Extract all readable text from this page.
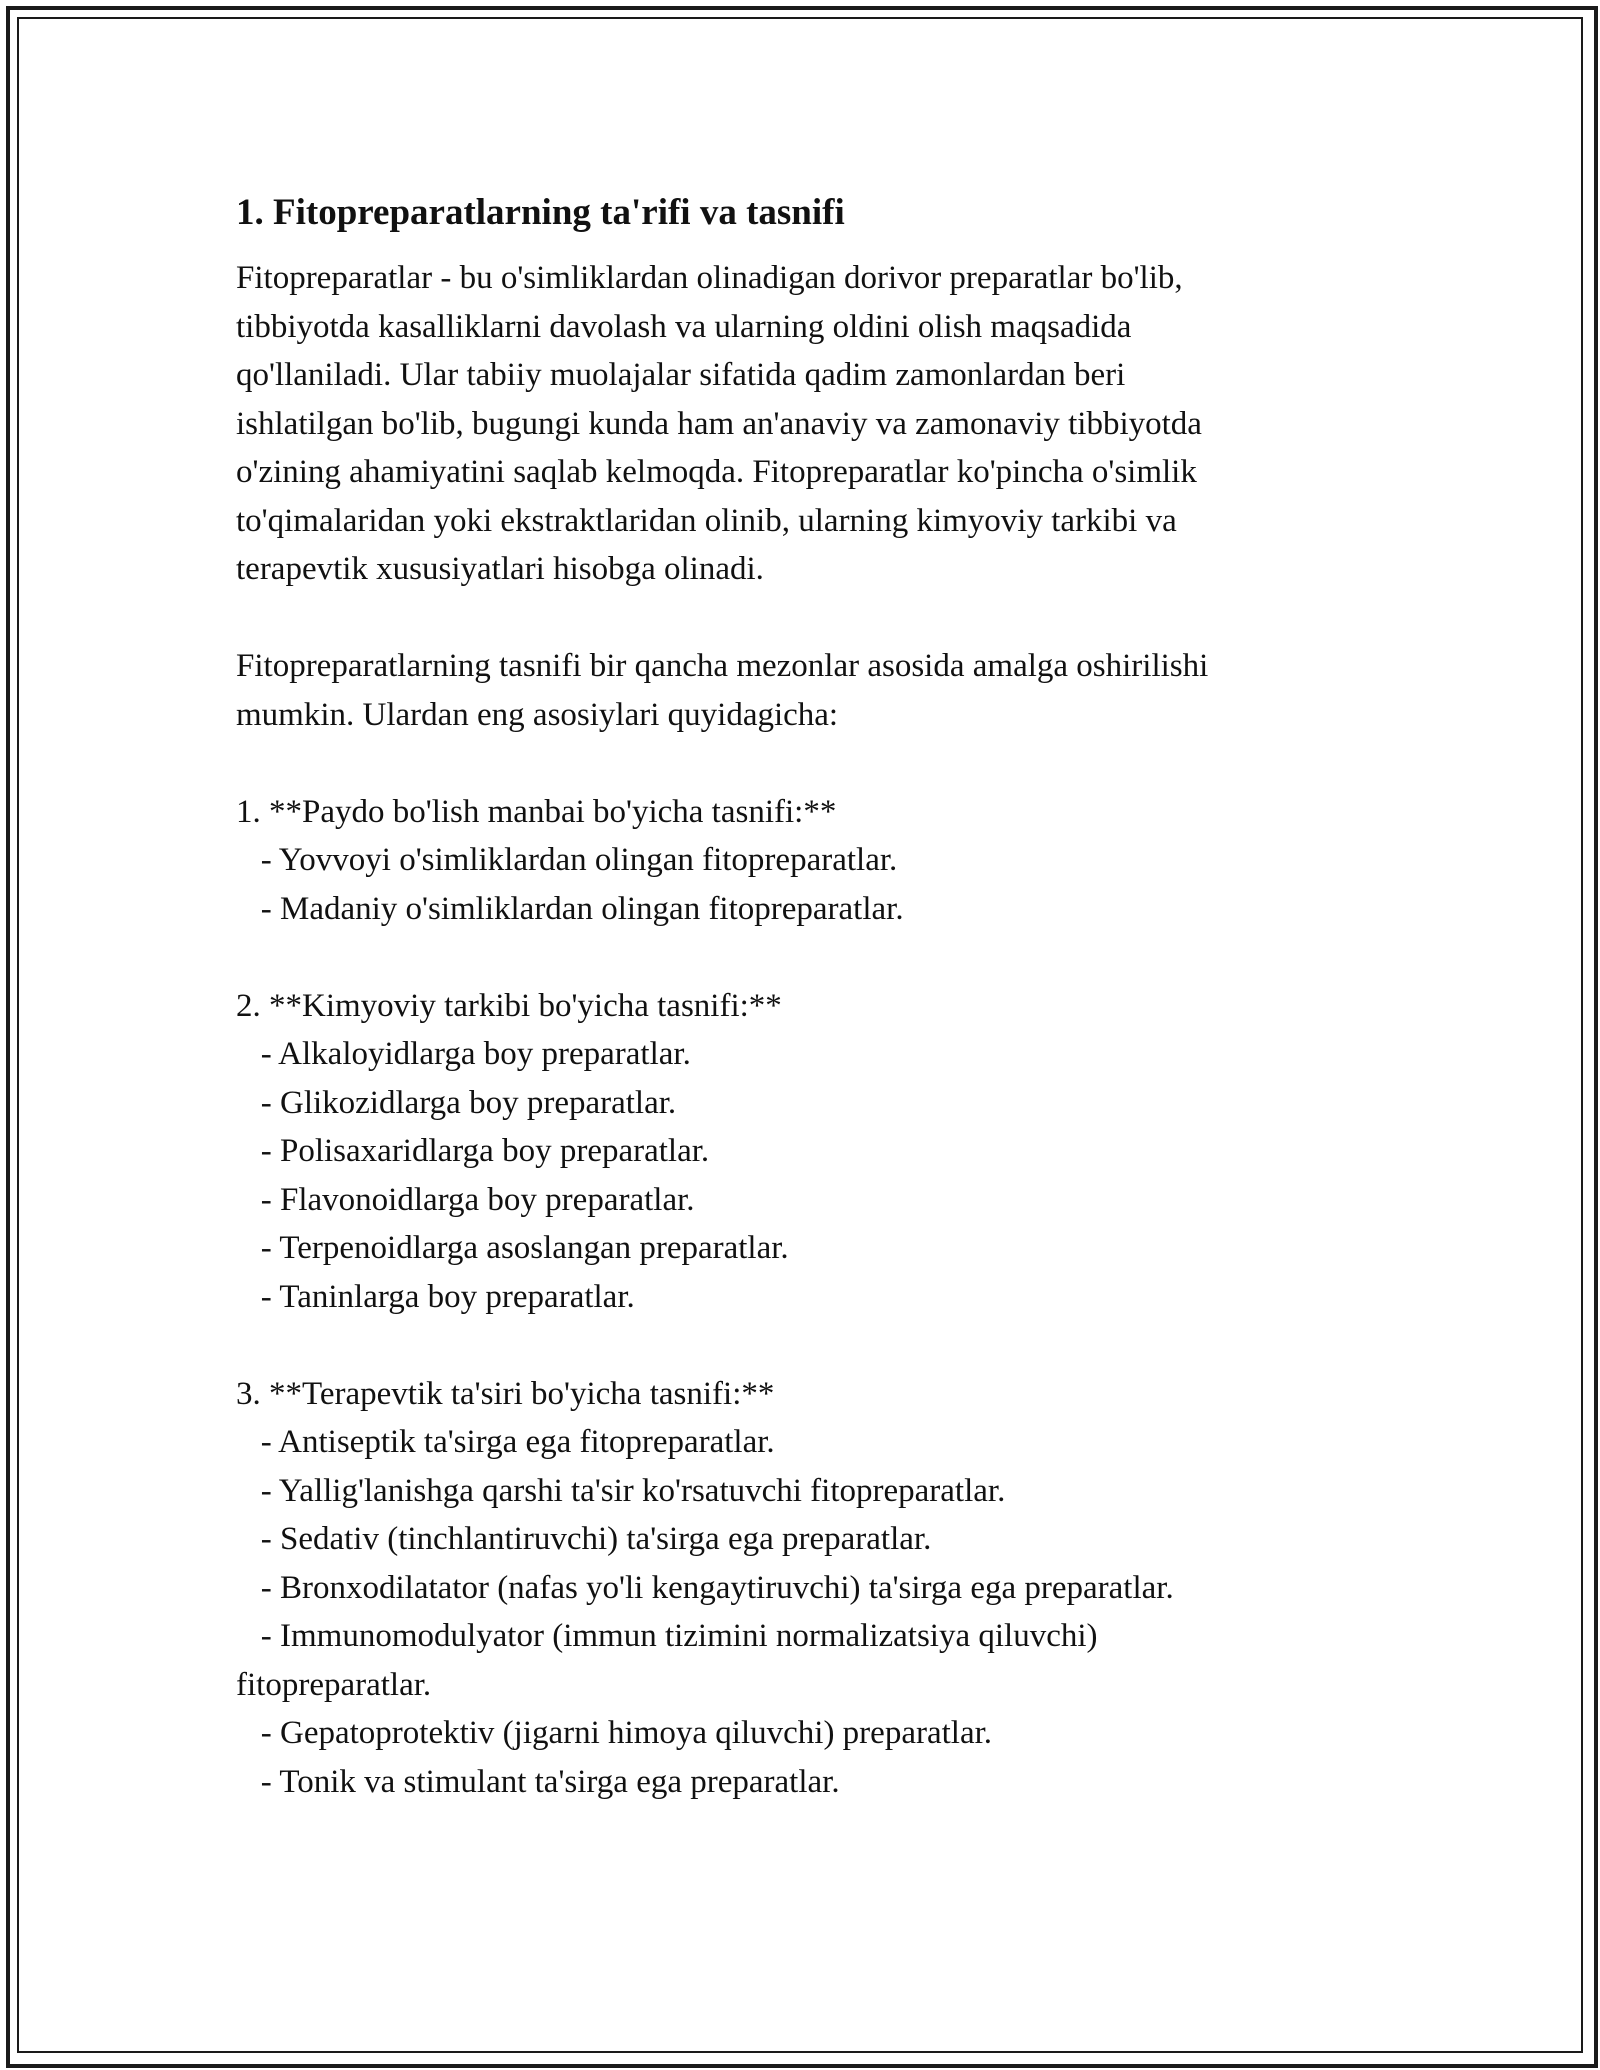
1. Fitopreparatlarning ta'rifi va tasnifi
Fitopreparatlar - bu o'simliklardan olinadigan dorivor preparatlar bo'lib,
tibbiyotda kasalliklarni davolash va ularning oldini olish maqsadida
qo'llaniladi. Ular tabiiy muolajalar sifatida qadim zamonlardan beri
ishlatilgan bo'lib, bugungi kunda ham an'anaviy va zamonaviy tibbiyotda
o'zining ahamiyatini saqlab kelmoqda. Fitopreparatlar ko'pincha o'simlik
to'qimalaridan yoki ekstraktlaridan olinib, ularning kimyoviy tarkibi va
terapevtik xususiyatlari hisobga olinadi.
Fitopreparatlarning tasnifi bir qancha mezonlar asosida amalga oshirilishi
mumkin. Ulardan eng asosiylari quyidagicha:
1. **Paydo bo'lish manbai bo'yicha tasnifi:**
- Yovvoyi o'simliklardan olingan fitopreparatlar.
- Madaniy o'simliklardan olingan fitopreparatlar.
2. **Kimyoviy tarkibi bo'yicha tasnifi:**
- Alkaloyidlarga boy preparatlar.
- Glikozidlarga boy preparatlar.
- Polisaxaridlarga boy preparatlar.
- Flavonoidlarga boy preparatlar.
- Terpenoidlarga asoslangan preparatlar.
- Taninlarga boy preparatlar.
3. **Terapevtik ta'siri bo'yicha tasnifi:**
- Antiseptik ta'sirga ega fitopreparatlar.
- Yallig'lanishga qarshi ta'sir ko'rsatuvchi fitopreparatlar.
- Sedativ (tinchlantiruvchi) ta'sirga ega preparatlar.
- Bronxodilatator (nafas yo'li kengaytiruvchi) ta'sirga ega preparatlar.
- Immunomodulyator (immun tizimini normalizatsiya qiluvchi)
fitopreparatlar.
- Gepatoprotektiv (jigarni himoya qiluvchi) preparatlar.
- Tonik va stimulant ta'sirga ega preparatlar.
